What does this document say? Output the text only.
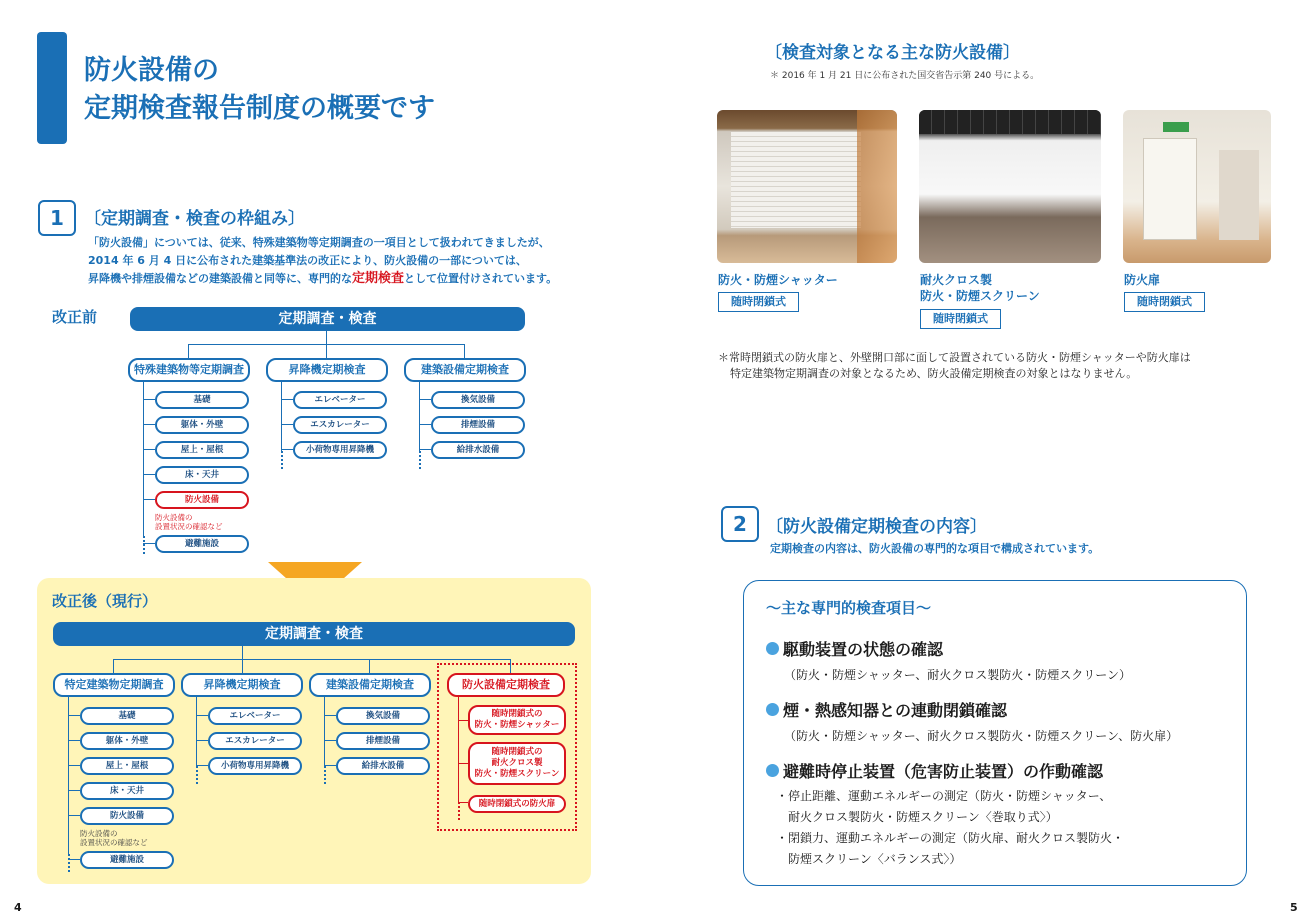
防火設備の
定期検査報告制度の概要です
1	〔定期調査・検査の枠組み〕
「防火設備」については、従来、特殊建築物等定期調査の一項目として扱われてきましたが、
2014 年 6 月 4 日に公布された建築基準法の改正により、防火設備の一部については、
昇降機や排煙設備などの建築設備と同等に、専門的な定期検査として位置付けされています。
改正前	定期調査・検査
特殊建築物等定期調査	昇降機定期検査	建築設備定期検査
基礎
躯体・外壁
屋上・屋根
床・天井
防火設備
防火設備の
設置状況の確認など
避難施設
エレベーター
エスカレーター
小荷物専用昇降機
換気設備
排煙設備
給排水設備
改正後（現行）
定期調査・検査
特定建築物定期調査	昇降機定期検査	建築設備定期検査
基礎
躯体・外壁
屋上・屋根
床・天井
防火設備
防火設備の
設置状況の確認など
避難施設
エレベーター
エスカレーター
小荷物専用昇降機
換気設備
排煙設備
給排水設備
防火設備定期検査
随時閉鎖式の
防火・防煙シャッター
随時閉鎖式の
耐火クロス製
防火・防煙スクリーン
随時閉鎖式の防火扉
4
〔検査対象となる主な防火設備〕
＊ 2016 年 1 月 21 日に公布された国交省告示第 240 号による。
防火・防煙シャッター
随時閉鎖式
耐火クロス製
防火・防煙スクリーン
随時閉鎖式
防火扉
随時閉鎖式
＊常時閉鎖式の防火扉と、外壁開口部に面して設置されている防火・防煙シャッターや防火扉は
特定建築物定期調査の対象となるため、防火設備定期検査の対象とはなりません。
2	〔防火設備定期検査の内容〕
定期検査の内容は、防火設備の専門的な項目で構成されています。
～主な専門的検査項目～
駆動装置の状態の確認
（防火・防煙シャッター、耐火クロス製防火・防煙スクリーン）
煙・熱感知器との連動閉鎖確認
（防火・防煙シャッター、耐火クロス製防火・防煙スクリーン、防火扉）
避難時停止装置（危害防止装置）の作動確認
・停止距離、運動エネルギーの測定（防火・防煙シャッター、
耐火クロス製防火・防煙スクリーン〈巻取り式〉）
・閉鎖力、運動エネルギーの測定（防火扉、耐火クロス製防火・
防煙スクリーン〈バランス式〉）
5
